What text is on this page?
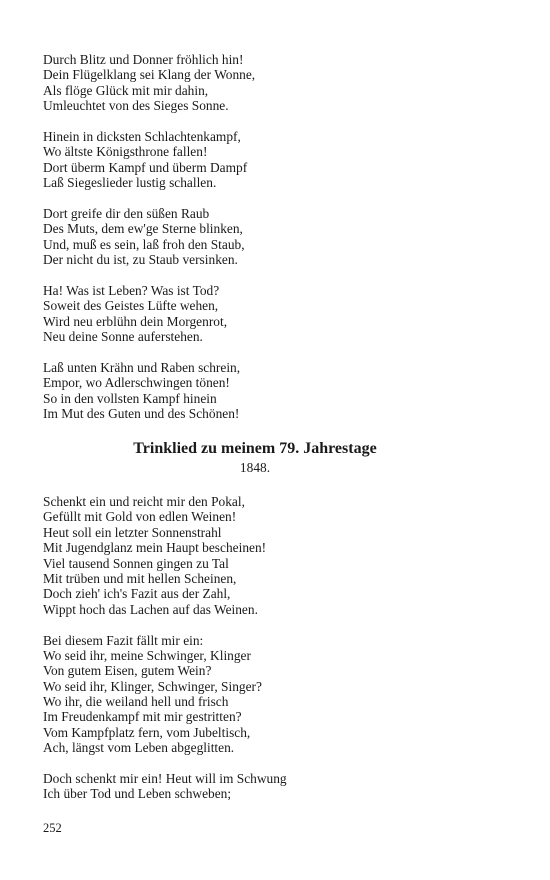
Durch Blitz und Donner fröhlich hin!
Dein Flügelklang sei Klang der Wonne,
Als flöge Glück mit mir dahin,
Umleuchtet von des Sieges Sonne.
Hinein in dicksten Schlachtenkampf,
Wo ältste Königsthrone fallen!
Dort überm Kampf und überm Dampf
Laß Siegeslieder lustig schallen.
Dort greife dir den süßen Raub
Des Muts, dem ew'ge Sterne blinken,
Und, muß es sein, laß froh den Staub,
Der nicht du ist, zu Staub versinken.
Ha! Was ist Leben? Was ist Tod?
Soweit des Geistes Lüfte wehen,
Wird neu erblühn dein Morgenrot,
Neu deine Sonne auferstehen.
Laß unten Krähn und Raben schrein,
Empor, wo Adlerschwingen tönen!
So in den vollsten Kampf hinein
Im Mut des Guten und des Schönen!
Trinklied zu meinem 79. Jahrestage
1848.
Schenkt ein und reicht mir den Pokal,
Gefüllt mit Gold von edlen Weinen!
Heut soll ein letzter Sonnenstrahl
Mit Jugendglanz mein Haupt bescheinen!
Viel tausend Sonnen gingen zu Tal
Mit trüben und mit hellen Scheinen,
Doch zieh' ich's Fazit aus der Zahl,
Wippt hoch das Lachen auf das Weinen.
Bei diesem Fazit fällt mir ein:
Wo seid ihr, meine Schwinger, Klinger
Von gutem Eisen, gutem Wein?
Wo seid ihr, Klinger, Schwinger, Singer?
Wo ihr, die weiland hell und frisch
Im Freudenkampf mit mir gestritten?
Vom Kampfplatz fern, vom Jubeltisch,
Ach, längst vom Leben abgeglitten.
Doch schenkt mir ein! Heut will im Schwung
Ich über Tod und Leben schweben;
252
